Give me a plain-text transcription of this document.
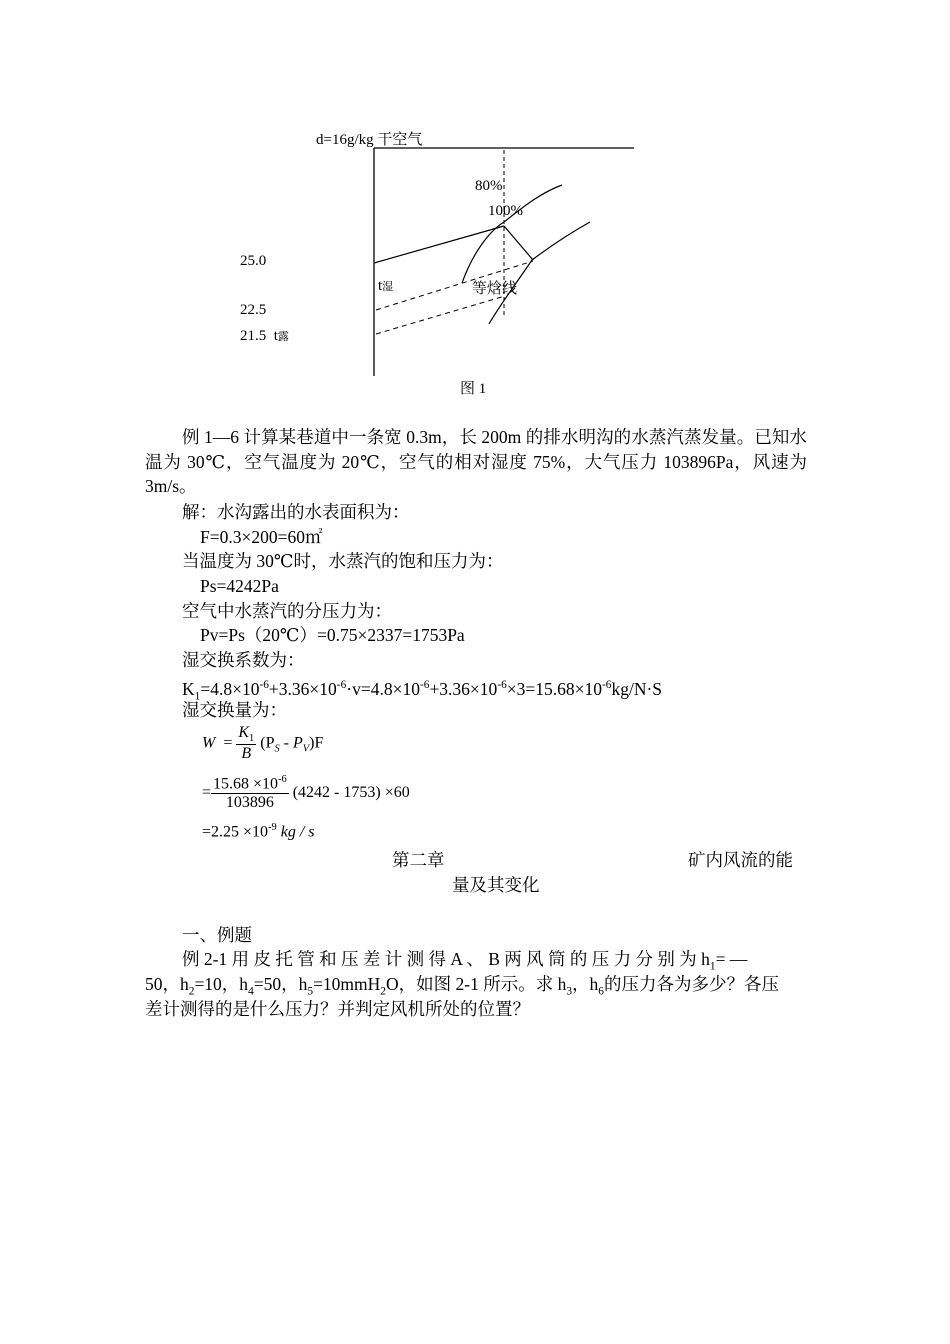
d=16g/kg 干空气
80%
100%
25.0
t湿	等焓线
22.5
21.5 t露
图 1
例 1—6 计算某巷道中一条宽 0.3m，长 200m 的排水明沟的水蒸汽蒸发量。已知水温为 30℃，空气温度为 20℃，空气的相对湿度 75%，大气压力 103896Pa，风速为 3m/s。
解：水沟露出的水表面积为：
F=0.3×200=60㎡
当温度为 30℃时，水蒸汽的饱和压力为：
Ps=4242Pa
空气中水蒸汽的分压力为：
Pv=Ps（20℃）=0.75×2337=1753Pa
湿交换系数为：
$K_1=4.8\times 10^{-6}+3.36\times 10^{-6}\cdot v=4.8\times 10^{-6}+3.36\times 10^{-6}\times 3=15.68\times 10^{-6}kg/N\cdot S$
湿交换量为：
$W = \frac{K_1}{B} (P_S - P_V)F$
= $\frac{15.68 \times 10^{-6}}{103896} (4242 - 1753) \times 60$
$=2.25 \times 10^{-9}$ kg / s
第二章	矿内风流的能
量及其变化
一、例题
例 2-1 用 皮 托 管 和 压 差 计 测 得 A 、 B 两 风 筒 的 压 力 分 别 为 $h_1=$ —
50，$h_2=10$，$h_4=50$，$h_5=10mmH_2O$，如图 2-1 所示。求 $h_3$，$h_6$的压力各为多少？各压
差计测得的是什么压力？并判定风机所处的位置？
